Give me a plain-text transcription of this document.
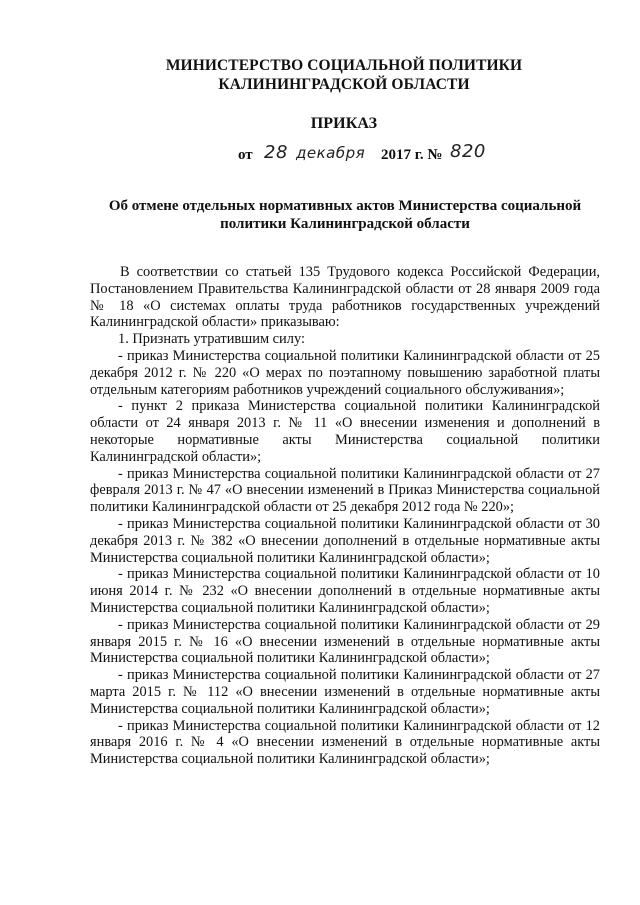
МИНИСТЕРСТВО СОЦИАЛЬНОЙ ПОЛИТИКИ
КАЛИНИНГРАДСКОЙ ОБЛАСТИ
ПРИКАЗ
от 28 декабря 2017 г. № 820
Об отмене отдельных нормативных актов Министерства социальной
политики Калининградской области

В соответствии со статьей 135 Трудового кодекса Российской Федерации, Постановлением Правительства Калининградской области от 28 января 2009 года № 18 «О системах оплаты труда работников государственных учреждений Калининградской области» приказываю:

1. Признать утратившим силу:

- приказ Министерства социальной политики Калининградской области от 25 декабря 2012 г. № 220 «О мерах по поэтапному повышению заработной платы отдельным категориям работников учреждений социального обслуживания»;

- пункт 2 приказа Министерства социальной политики Калининградской области от 24 января 2013 г. № 11 «О внесении изменения и дополнений в некоторые нормативные акты Министерства социальной политики Калининградской области»;

- приказ Министерства социальной политики Калининградской области от 27 февраля 2013 г. № 47 «О внесении изменений в Приказ Министерства социальной политики Калининградской области от 25 декабря 2012 года № 220»;

- приказ Министерства социальной политики Калининградской области от 30 декабря 2013 г. № 382 «О внесении дополнений в отдельные нормативные акты Министерства социальной политики Калининградской области»;

- приказ Министерства социальной политики Калининградской области от 10 июня 2014 г. № 232 «О внесении дополнений в отдельные нормативные акты Министерства социальной политики Калининградской области»;

- приказ Министерства социальной политики Калининградской области от 29 января 2015 г. № 16 «О внесении изменений в отдельные нормативные акты Министерства социальной политики Калининградской области»;

- приказ Министерства социальной политики Калининградской области от 27 марта 2015 г. № 112 «О внесении изменений в отдельные нормативные акты Министерства социальной политики Калининградской области»;

- приказ Министерства социальной политики Калининградской области от 12 января 2016 г. № 4 «О внесении изменений в отдельные нормативные акты Министерства социальной политики Калининградской области»;
